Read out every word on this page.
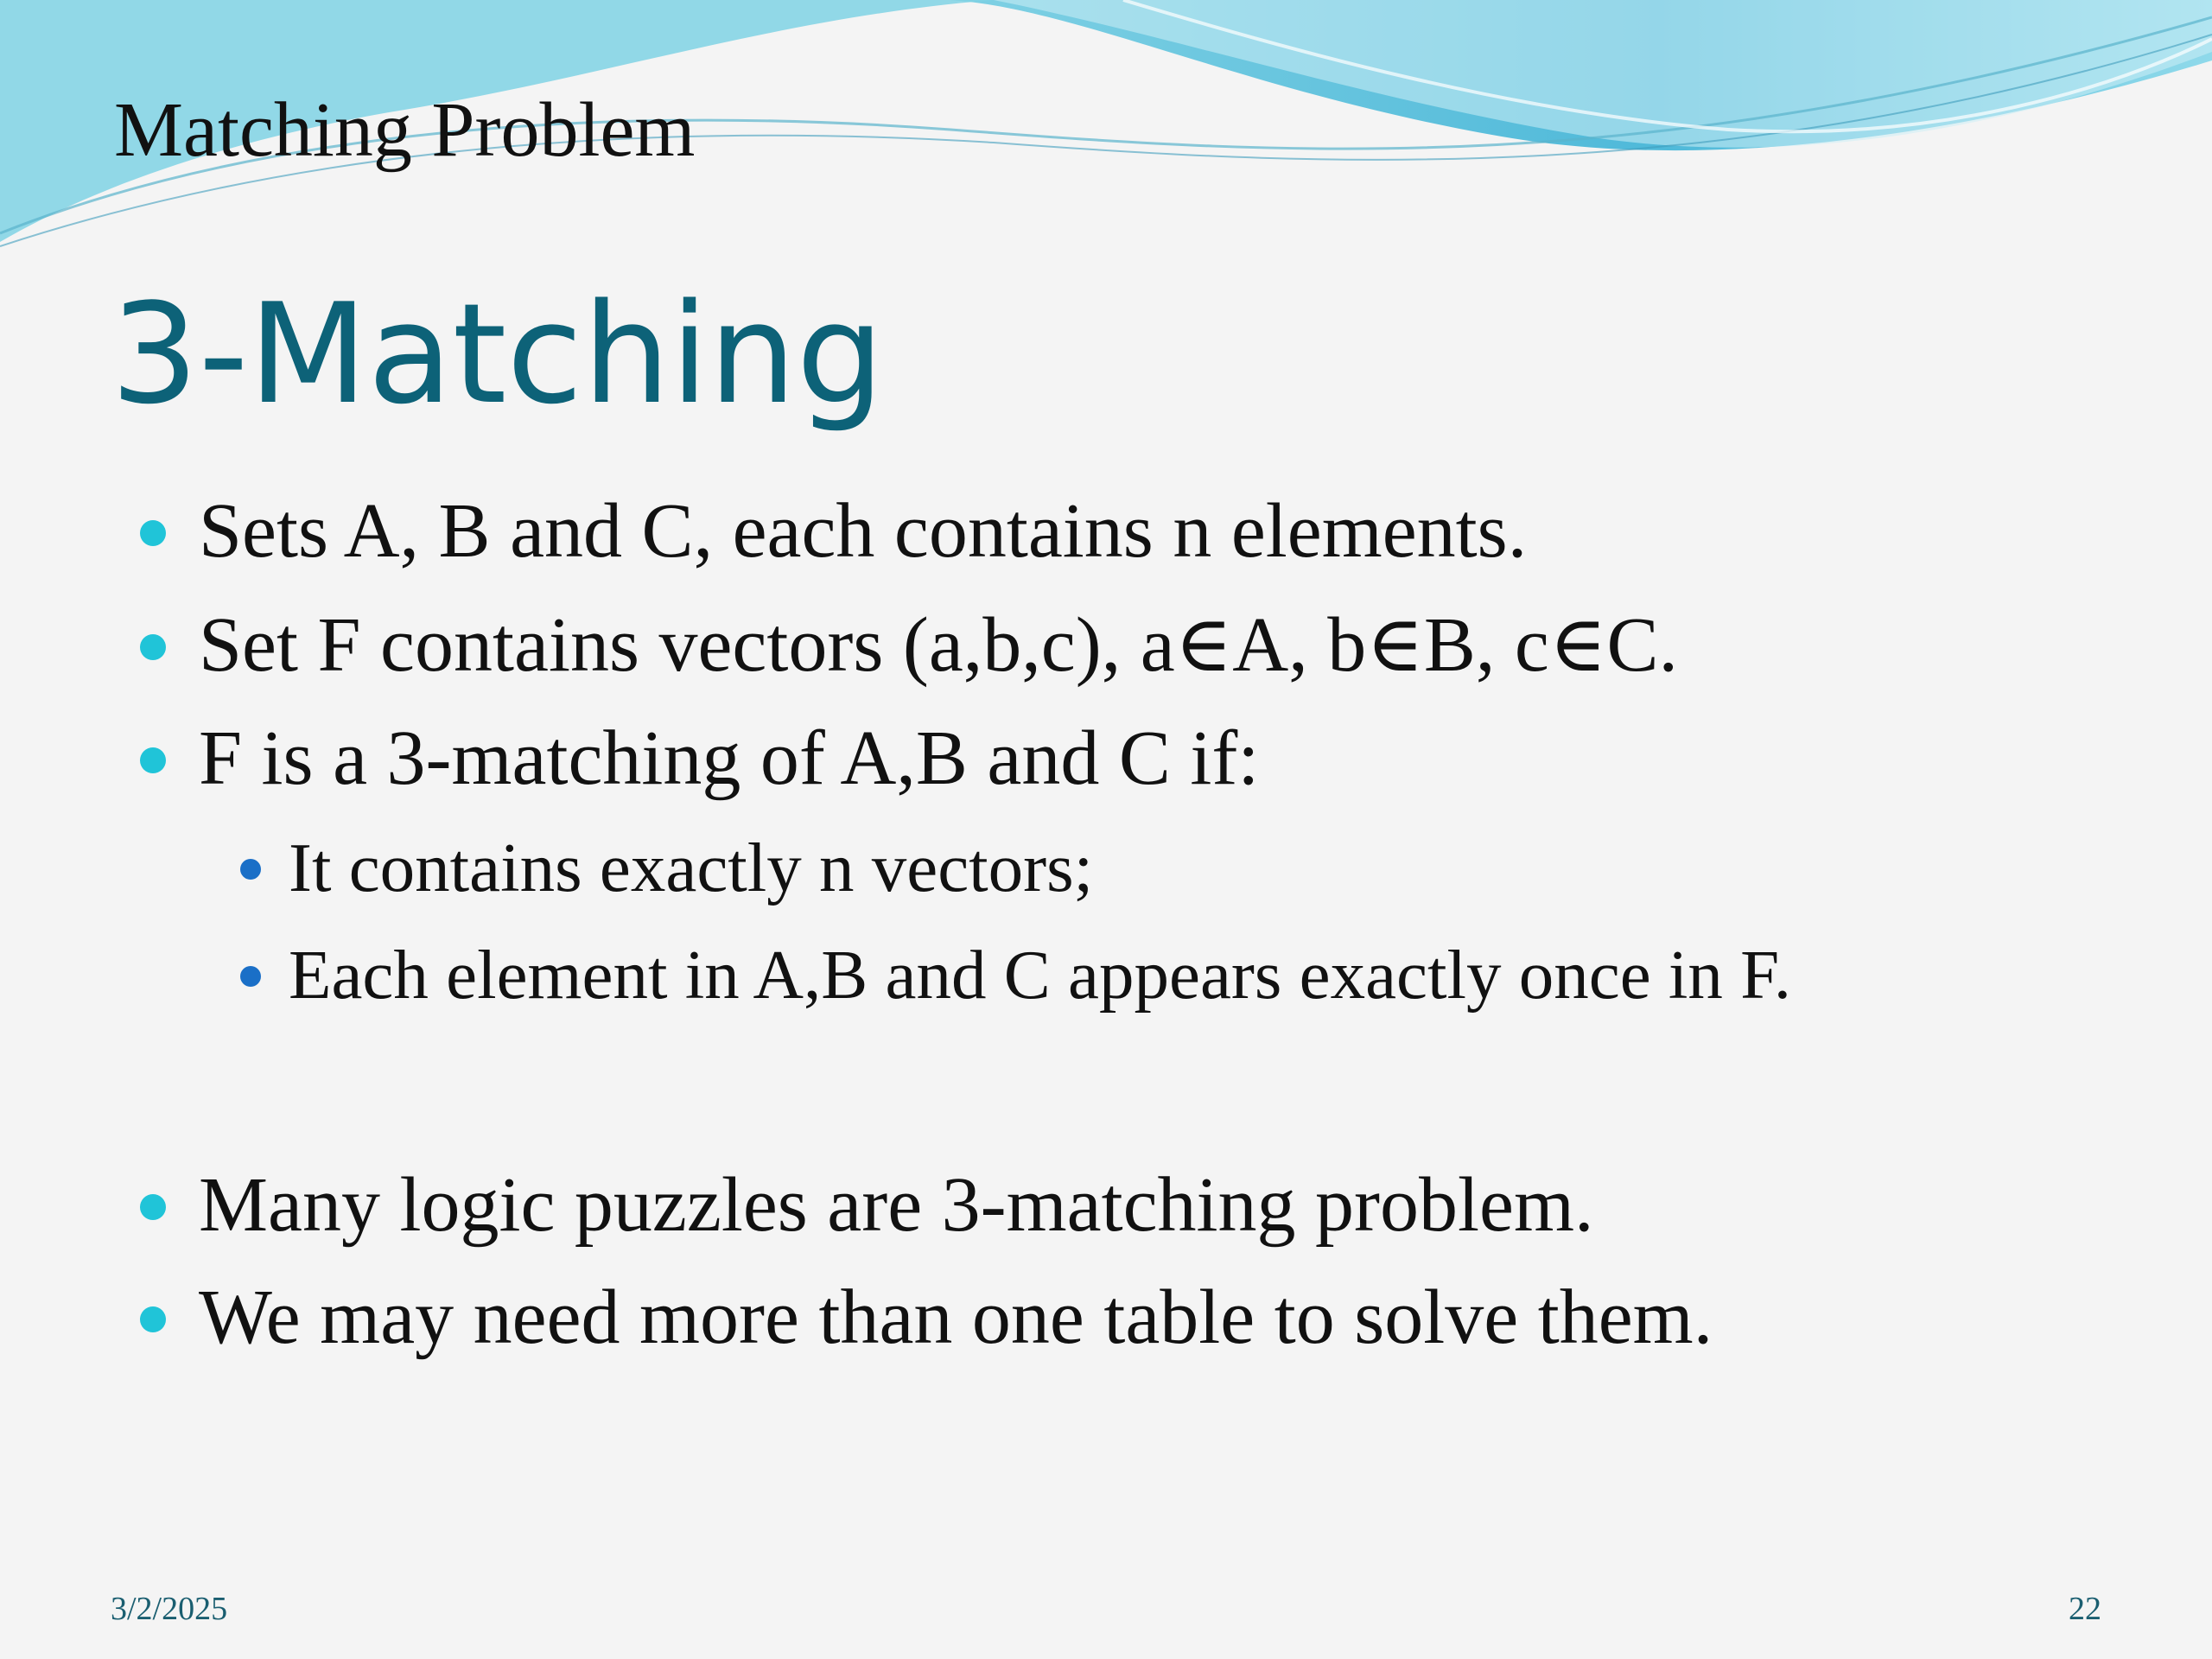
Matching Problem
3-Matching
Sets A, B and C, each contains n elements.
Set F contains vectors (a,b,c), a∈A, b∈B, c∈C.
F is a 3-matching of A,B and C if:
It contains exactly n vectors;
Each element in A,B and C appears exactly once in F.
Many logic puzzles are 3-matching problem.
We may need more than one table to solve them.
3/2/2025	22
